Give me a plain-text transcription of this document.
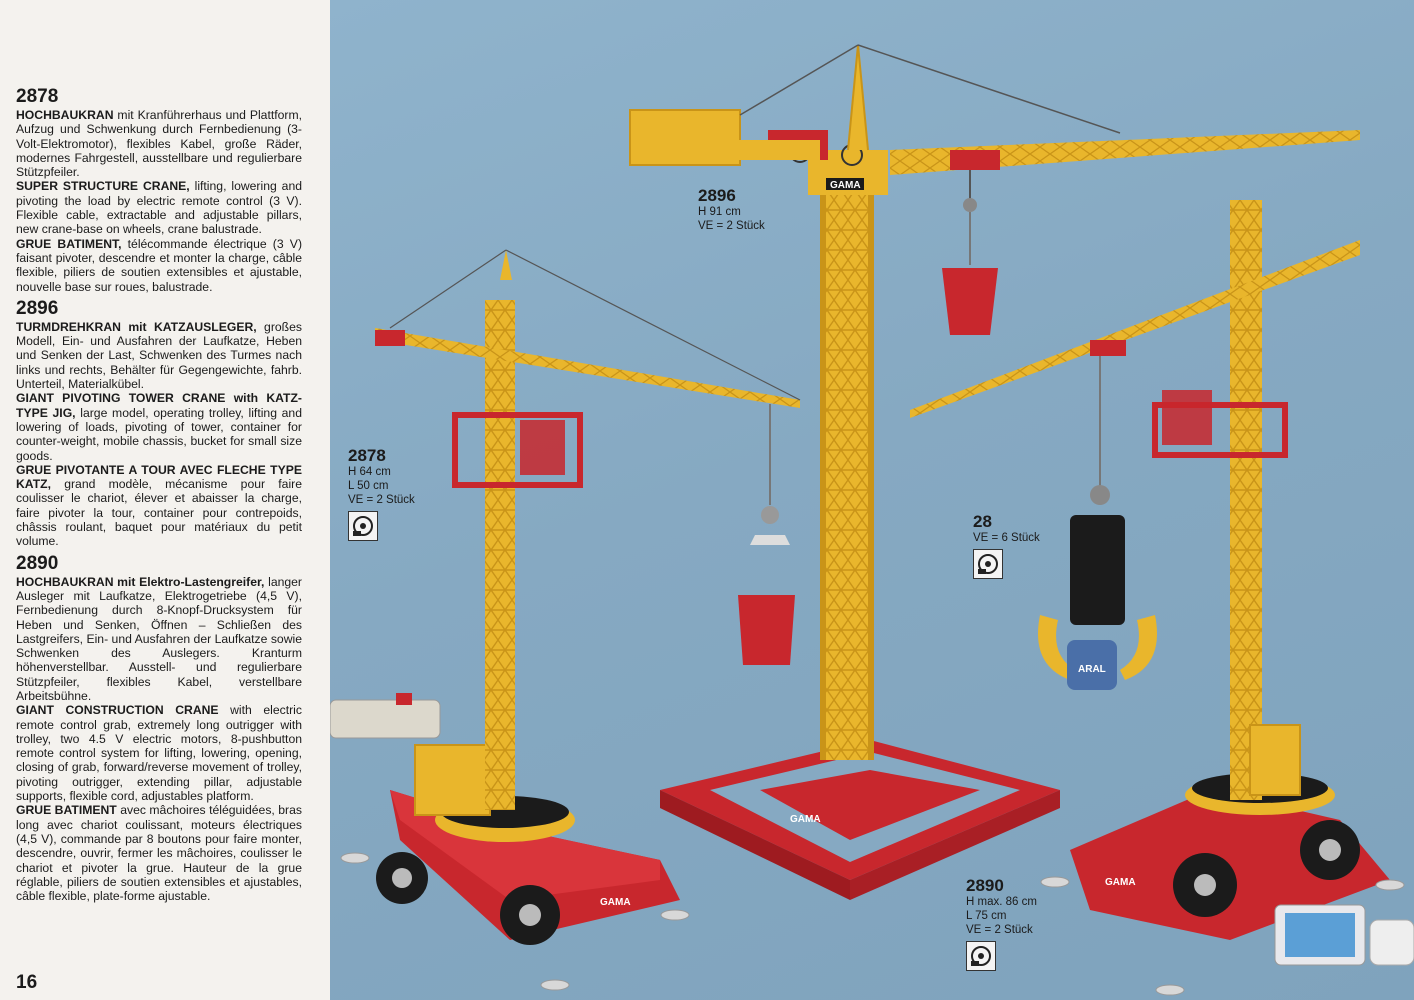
2878

HOCHBAUKRAN mit Kranführerhaus und Plattform, Aufzug und Schwenkung durch Fernbedienung (3-Volt-Elektromotor), flexibles Kabel, große Räder, modernes Fahrgestell, ausstellbare und regulierbare Stützpfeiler.

SUPER STRUCTURE CRANE, lifting, lowering and pivoting the load by electric remote control (3 V). Flexible cable, extractable and adjustable pillars, new crane-base on wheels, crane balustrade.

GRUE BATIMENT, télécommande électrique (3 V) faisant pivoter, descendre et monter la charge, câble flexible, piliers de soutien extensibles et ajustable, nouvelle base sur roues, balustrade.

2896

TURMDREHKRAN mit KATZAUSLEGER, großes Modell, Ein- und Ausfahren der Laufkatze, Heben und Senken der Last, Schwenken des Turmes nach links und rechts, Behälter für Gegengewichte, fahrb. Unterteil, Materialkübel.

GIANT PIVOTING TOWER CRANE with KATZ-TYPE JIG, large model, operating trolley, lifting and lowering of loads, pivoting of tower, container for counter-weight, mobile chassis, bucket for small size goods.

GRUE PIVOTANTE A TOUR AVEC FLECHE TYPE KATZ, grand modèle, mécanisme pour faire coulisser le chariot, élever et abaisser la charge, faire pivoter la tour, container pour contrepoids, châssis roulant, baquet pour matériaux du petit volume.

2890

HOCHBAUKRAN mit Elektro-Lastengreifer, langer Ausleger mit Laufkatze, Elektrogetriebe (4,5 V), Fernbedienung durch 8-Knopf-Drucksystem für Heben und Senken, Öffnen – Schließen des Lastgreifers, Ein- und Ausfahren der Laufkatze sowie Schwenken des Auslegers. Kranturm höhenverstellbar. Ausstell- und regulierbare Stützpfeiler, flexibles Kabel, verstellbare Arbeitsbühne.

GIANT CONSTRUCTION CRANE with electric remote control grab, extremely long outrigger with trolley, two 4.5 V electric motors, 8-pushbutton remote control system for lifting, lowering, opening, closing of grab, forward/reverse movement of trolley, pivoting outrigger, extending pillar, adjustable supports, flexible cord, adjustables platform.

GRUE BATIMENT avec mâchoires téléguidées, bras long avec chariot coulissant, moteurs électriques (4,5 V), commande par 8 boutons pour faire monter, descendre, ouvrir, fermer les mâchoires, coulisser le chariot et pivoter la grue. Hauteur de la grue réglable, piliers de soutien extensibles et ajustables, câble flexible, plate-forme ajustable.

16
GAMA
GAMA
GAMA
GAMA
ARAL
2896
H 91 cm
VE = 2 Stück
2878
H 64 cm
L 50 cm
VE = 2 Stück
28
VE = 6 Stück
2890
H max. 86 cm
L 75 cm
VE = 2 Stück
